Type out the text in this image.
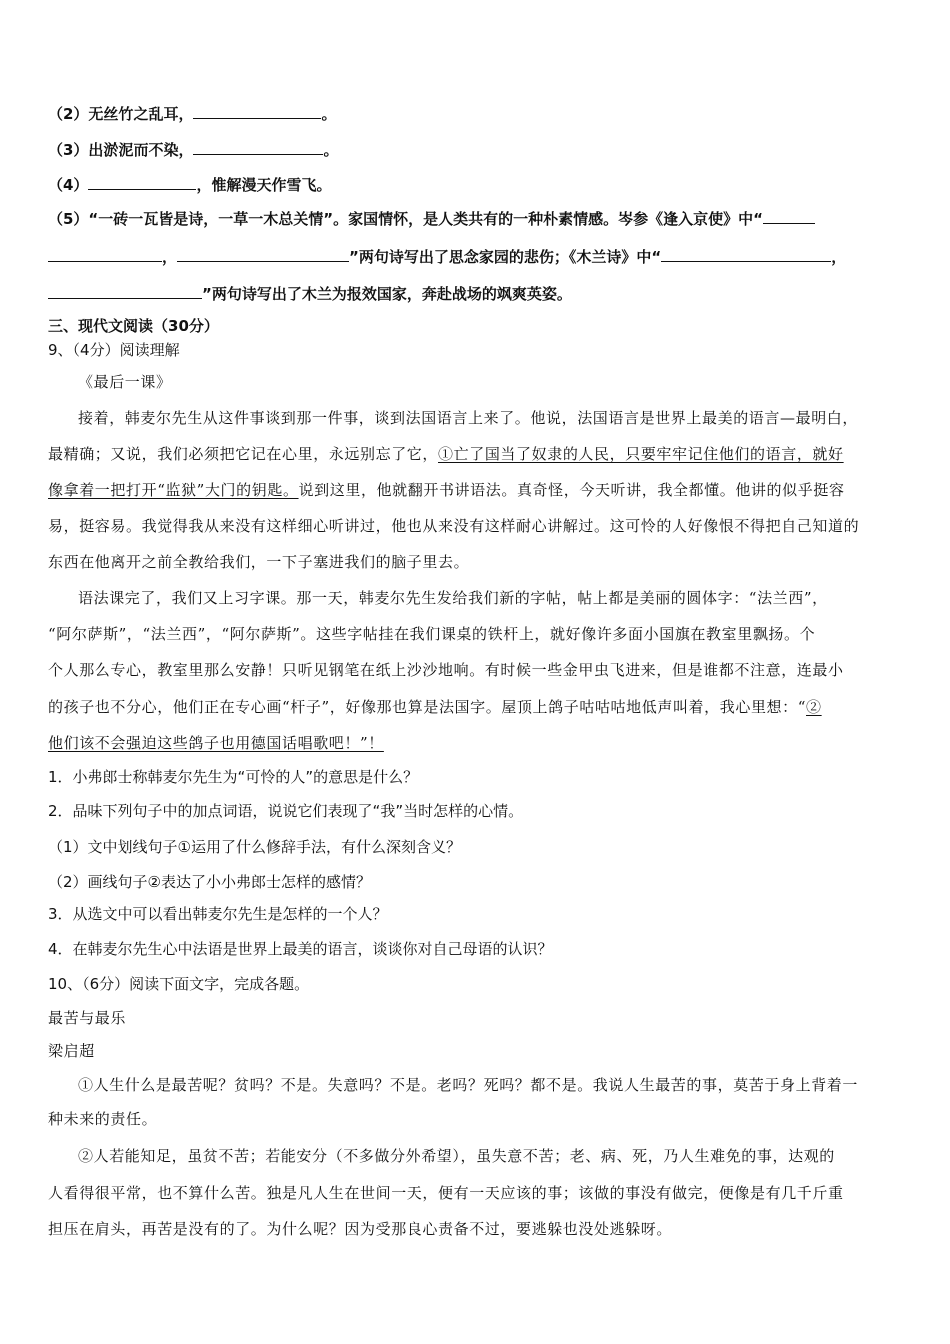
（2）无丝竹之乱耳，	。
（3）出淤泥而不染，	。
（4）	，惟解漫天作雪飞。
（5）“一砖一瓦皆是诗，一草一木总关情”。家国情怀，是人类共有的一种朴素情感。岑参《逢入京使》中“
，	”两句诗写出了思念家园的悲伤；《木兰诗》中“	，
”两句诗写出了木兰为报效国家，奔赴战场的飒爽英姿。
三、现代文阅读（30分）
9、（4分）阅读理解
《最后一课》
接着，韩麦尔先生从这件事谈到那一件事，谈到法国语言上来了。他说，法国语言是世界上最美的语言—最明白，
最精确；又说，我们必须把它记在心里，永远别忘了它，①亡了国当了奴隶的人民，只要牢牢记住他们的语言，就好
像拿着一把打开“监狱”大门的钥匙。说到这里，他就翻开书讲语法。真奇怪，今天听讲，我全都懂。他讲的似乎挺容
易，挺容易。我觉得我从来没有这样细心听讲过，他也从来没有这样耐心讲解过。这可怜的人好像恨不得把自己知道的
东西在他离开之前全教给我们，一下子塞进我们的脑子里去。
语法课完了，我们又上习字课。那一天，韩麦尔先生发给我们新的字帖，帖上都是美丽的圆体字：“法兰西”，
“阿尔萨斯”，“法兰西”，“阿尔萨斯”。这些字帖挂在我们课桌的铁杆上，就好像许多面小国旗在教室里飘扬。个
个人那么专心，教室里那么安静！只听见钢笔在纸上沙沙地响。有时候一些金甲虫飞进来，但是谁都不注意，连最小
的孩子也不分心，他们正在专心画“杆子”，好像那也算是法国字。屋顶上鸽子咕咕咕地低声叫着，我心里想：“②
他们该不会强迫这些鸽子也用德国话唱歌吧！”！
1．小弗郎士称韩麦尔先生为“可怜的人”的意思是什么？
2．品味下列句子中的加点词语，说说它们表现了“我”当时怎样的心情。
（1）文中划线句子①运用了什么修辞手法，有什么深刻含义？
（2）画线句子②表达了小小弗郎士怎样的感情？
3．从选文中可以看出韩麦尔先生是怎样的一个人？
4．在韩麦尔先生心中法语是世界上最美的语言，谈谈你对自己母语的认识？
10、（6分）阅读下面文字，完成各题。
最苦与最乐
梁启超
①人生什么是最苦呢？贫吗？不是。失意吗？不是。老吗？死吗？都不是。我说人生最苦的事，莫苦于身上背着一
种未来的责任。
②人若能知足，虽贫不苦；若能安分（不多做分外希望），虽失意不苦；老、病、死，乃人生难免的事，达观的
人看得很平常，也不算什么苦。独是凡人生在世间一天，便有一天应该的事；该做的事没有做完，便像是有几千斤重
担压在肩头，再苦是没有的了。为什么呢？因为受那良心责备不过，要逃躲也没处逃躲呀。
